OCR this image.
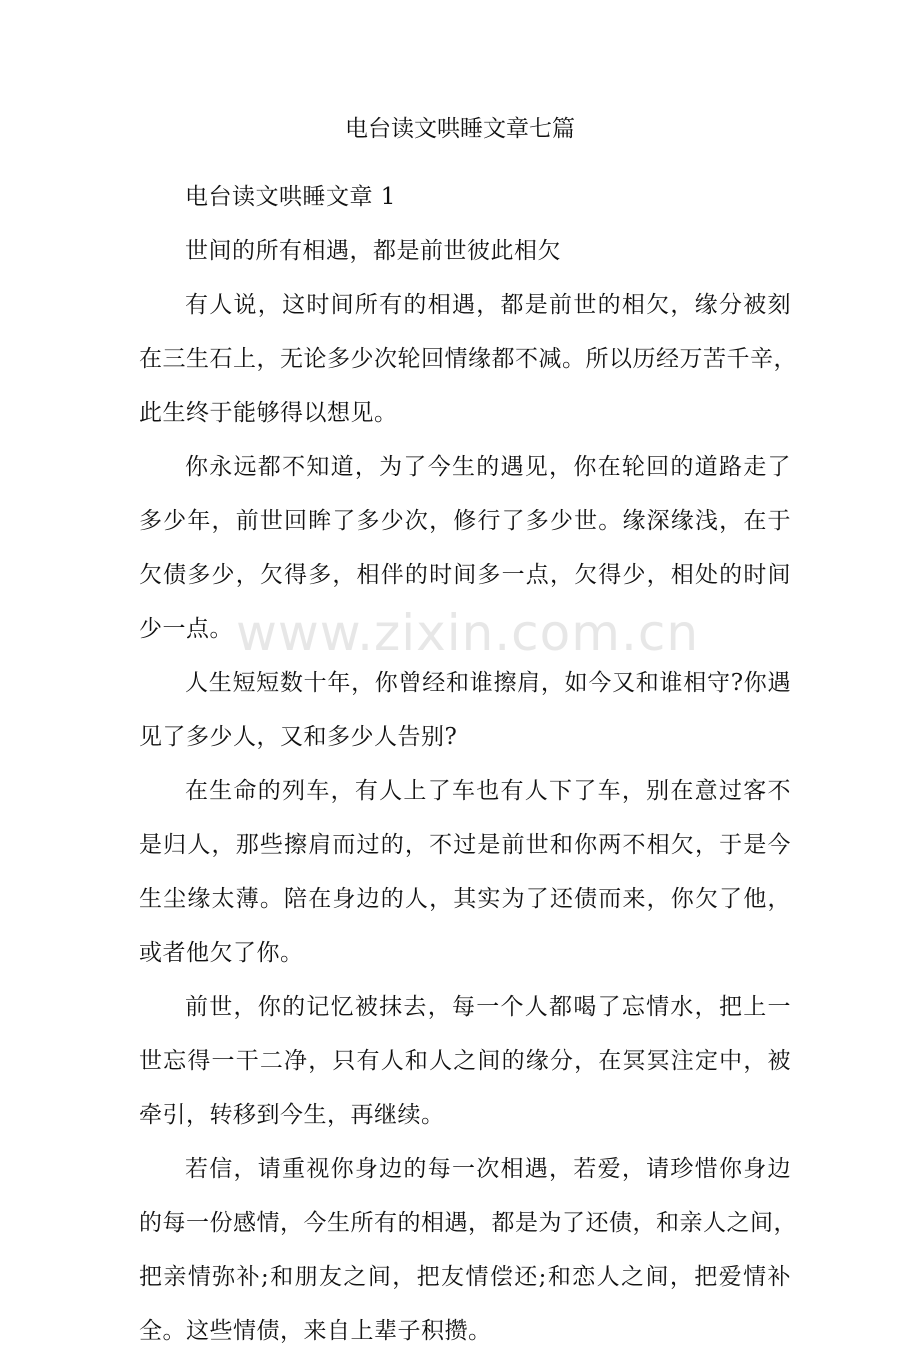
电台读文哄睡文章七篇
电台读文哄睡文章 1
世间的所有相遇，都是前世彼此相欠
有人说，这时间所有的相遇，都是前世的相欠，缘分被刻
在三生石上，无论多少次轮回情缘都不减。所以历经万苦千辛，
此生终于能够得以想见。
你永远都不知道，为了今生的遇见，你在轮回的道路走了
多少年，前世回眸了多少次，修行了多少世。缘深缘浅，在于
欠债多少，欠得多，相伴的时间多一点，欠得少，相处的时间
少一点。
人生短短数十年，你曾经和谁擦肩，如今又和谁相守?你遇
见了多少人，又和多少人告别?
在生命的列车，有人上了车也有人下了车，别在意过客不
是归人，那些擦肩而过的，不过是前世和你两不相欠，于是今
生尘缘太薄。陪在身边的人，其实为了还债而来，你欠了他，
或者他欠了你。
前世，你的记忆被抹去，每一个人都喝了忘情水，把上一
世忘得一干二净，只有人和人之间的缘分，在冥冥注定中，被
牵引，转移到今生，再继续。
若信，请重视你身边的每一次相遇，若爱，请珍惜你身边
的每一份感情，今生所有的相遇，都是为了还债，和亲人之间，
把亲情弥补;和朋友之间，把友情偿还;和恋人之间，把爱情补
全。这些情债，来自上辈子积攒。
www.zixin.com.cn
